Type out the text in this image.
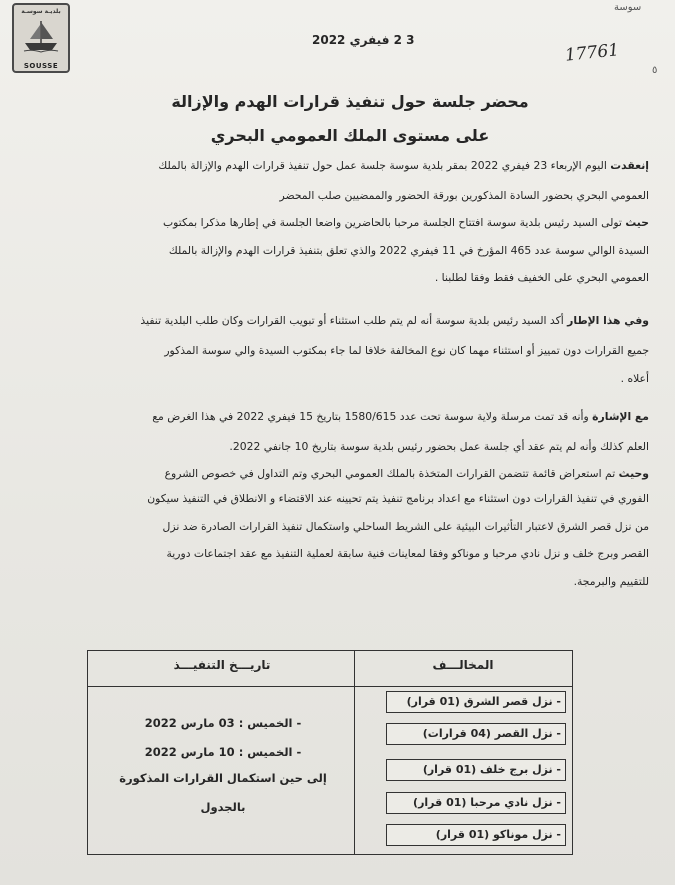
بلديـة سوسـة
SOUSSE
سوسة
٥
3 2 فيفري 2022
17761
محضر جلسة حول تنفيذ قرارات الهدم والإزالة
على مستوى الملك العمومي البحري
إنعقدت اليوم الإربعاء 23 فيفري 2022 بمقر بلدية سوسة جلسة عمل حول تنفيذ قرارات الهدم والإزالة بالملك
العمومي البحري بحضور السادة المذكورين بورقة الحضور والممضيين صلب المحضر
حيث تولى السيد رئيس بلدية سوسة افتتاح الجلسة مرحبا بالحاضرين واضعا الجلسة في إطارها مذكرا بمكتوب
السيدة الوالي سوسة عدد 465 المؤرخ في 11 فيفري 2022 والذي تعلق بتنفيذ قرارات الهدم والإزالة بالملك
العمومي البحري على الخفيف فقط وفقا لطلبنا .
وفي هذا الإطار أكد السيد رئيس بلدية سوسة أنه لم يتم طلب استثناء أو تبويب القرارات وكان طلب البلدية تنفيذ
جميع القرارات دون تمييز أو استثناء مهما كان نوع المخالفة خلافا لما جاء بمكتوب السيدة والي سوسة المذكور
أعلاه .
مع الإشارة وأنه قد تمت مرسلة ولاية سوسة تحت عدد 1580/615 بتاريخ 15 فيفري 2022 في هذا الغرض مع
العلم كذلك وأنه لم يتم عقد أي جلسة عمل بحضور رئيس بلدية سوسة بتاريخ 10 جانفي 2022.
وحيث تم استعراض قائمة تتضمن القرارات المتخذة بالملك العمومي البحري وتم التداول في خصوص الشروع
الفوري في تنفيذ القرارات دون استثناء مع اعداد برنامج تنفيذ يتم تحيينه عند الاقتضاء و الانطلاق في التنفيذ سيكون
من نزل قصر الشرق لاعتبار التأثيرات البيئية على الشريط الساحلي واستكمال تنفيذ القرارات الصادرة ضد نزل
القصر وبرج خلف و نزل نادي مرحبا و موناكو وفقا لمعاينات فنية سابقة لعملية التنفيذ مع عقد اجتماعات دورية
للتقييم والبرمجة.
المخالـــف
تاريـــخ التنفيـــذ
- نزل قصر الشرق (01 قرار)
- نزل القصر (04 قرارات)
- نزل برج خلف (01 قرار)
- نزل نادي مرحبا (01 قرار)
- نزل موناكو (01 قرار)
- الخميس : 03 مارس 2022
- الخميس : 10 مارس 2022
إلى حين استكمال القرارات المذكورة
بالجدول
